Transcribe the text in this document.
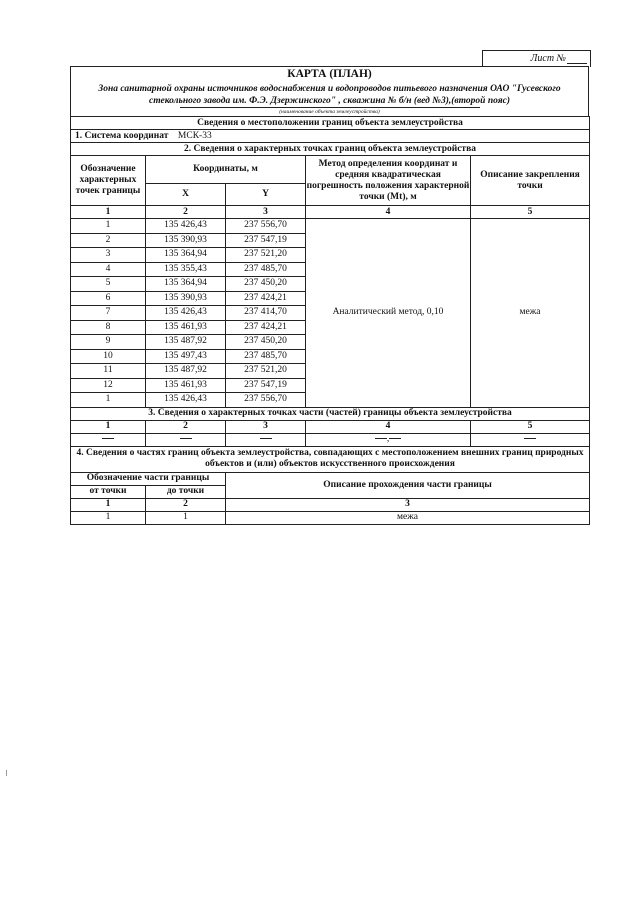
Лист №
КАРТА (ПЛАН)
Зона санитарной охраны источников водоснабжения и водопроводов питьевого назначения ОАО "Гусевского стекольного завода им. Ф.Э. Дзержинского" , скважина № б/н (вед №3),(второй пояс)
(наименование объекта землеустройства)
Сведения о местоположении границ объекта землеустройства				
1. Система координат МСК-33				
2. Сведения о характерных точках границ объекта землеустройства				
Обозначение характерных точек границы	Координаты, м		Метод определения координат и средняя квадратическая погрешность положения характерной точки (Mt), м	Описание закрепления точки
	X	Y		
1	2	3	4	5
1	135 426,43	237 556,70	Аналитический метод, 0,10	межа
2	135 390,93	237 547,19		
3	135 364,94	237 521,20		
4	135 355,43	237 485,70		
5	135 364,94	237 450,20		
6	135 390,93	237 424,21		
7	135 426,43	237 414,70		
8	135 461,93	237 424,21		
9	135 487,92	237 450,20		
10	135 497,43	237 485,70		
11	135 487,92	237 521,20		
12	135 461,93	237 547,19		
1	135 426,43	237 556,70		
3. Сведения о характерных точках части (частей) границы объекта землеустройства				
1	2	3	4	5
			,	
4. Сведения о частях границ объекта землеустройства, совпадающих с местоположением внешних границ природных объектов и (или) объектов искусственного происхождения		
Обозначение части границы		Описание прохождения части границы
от точки	до точки	
1	2	3
1	1	межа
